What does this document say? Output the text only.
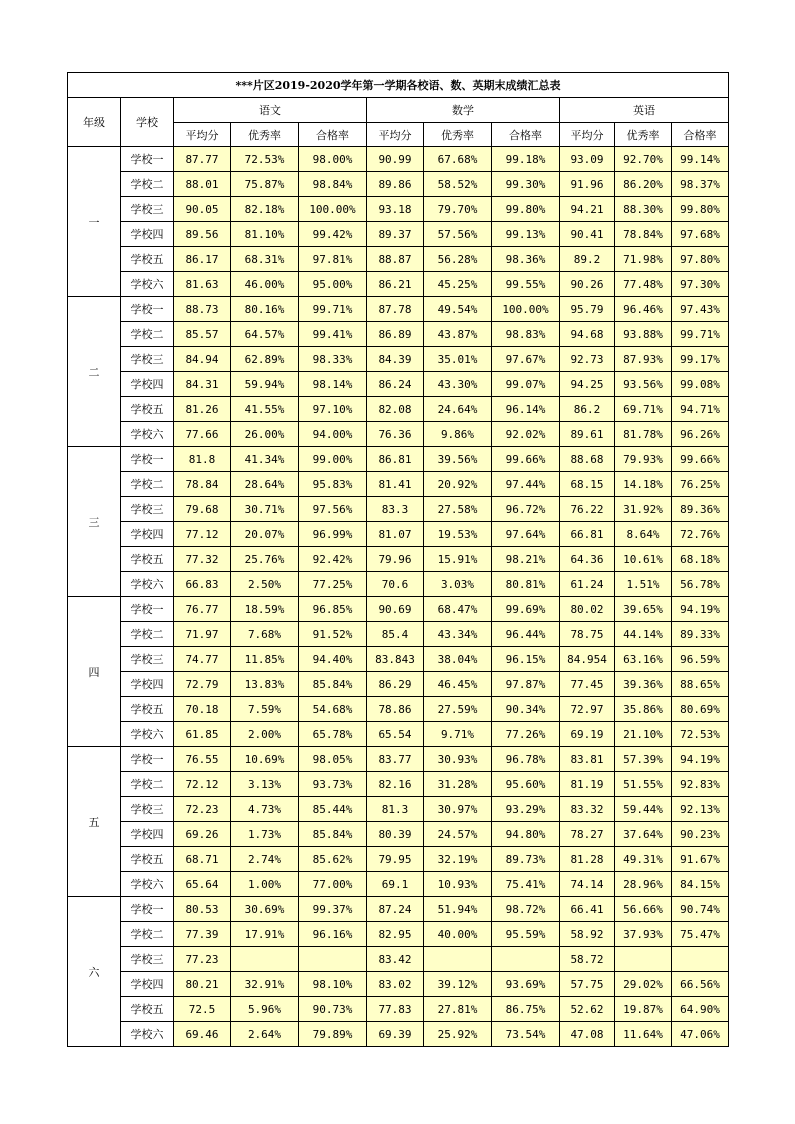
***片区2019-2020学年第一学期各校语、数、英期末成绩汇总表										
年级	学校	语文			数学			英语		
		平均分	优秀率	合格率	平均分	优秀率	合格率	平均分	优秀率	合格率
一	学校一	87.77	72.53%	98.00%	90.99	67.68%	99.18%	93.09	92.70%	99.14%
	学校二	88.01	75.87%	98.84%	89.86	58.52%	99.30%	91.96	86.20%	98.37%
	学校三	90.05	82.18%	100.00%	93.18	79.70%	99.80%	94.21	88.30%	99.80%
	学校四	89.56	81.10%	99.42%	89.37	57.56%	99.13%	90.41	78.84%	97.68%
	学校五	86.17	68.31%	97.81%	88.87	56.28%	98.36%	89.2	71.98%	97.80%
	学校六	81.63	46.00%	95.00%	86.21	45.25%	99.55%	90.26	77.48%	97.30%
二	学校一	88.73	80.16%	99.71%	87.78	49.54%	100.00%	95.79	96.46%	97.43%
	学校二	85.57	64.57%	99.41%	86.89	43.87%	98.83%	94.68	93.88%	99.71%
	学校三	84.94	62.89%	98.33%	84.39	35.01%	97.67%	92.73	87.93%	99.17%
	学校四	84.31	59.94%	98.14%	86.24	43.30%	99.07%	94.25	93.56%	99.08%
	学校五	81.26	41.55%	97.10%	82.08	24.64%	96.14%	86.2	69.71%	94.71%
	学校六	77.66	26.00%	94.00%	76.36	9.86%	92.02%	89.61	81.78%	96.26%
三	学校一	81.8	41.34%	99.00%	86.81	39.56%	99.66%	88.68	79.93%	99.66%
	学校二	78.84	28.64%	95.83%	81.41	20.92%	97.44%	68.15	14.18%	76.25%
	学校三	79.68	30.71%	97.56%	83.3	27.58%	96.72%	76.22	31.92%	89.36%
	学校四	77.12	20.07%	96.99%	81.07	19.53%	97.64%	66.81	8.64%	72.76%
	学校五	77.32	25.76%	92.42%	79.96	15.91%	98.21%	64.36	10.61%	68.18%
	学校六	66.83	2.50%	77.25%	70.6	3.03%	80.81%	61.24	1.51%	56.78%
四	学校一	76.77	18.59%	96.85%	90.69	68.47%	99.69%	80.02	39.65%	94.19%
	学校二	71.97	7.68%	91.52%	85.4	43.34%	96.44%	78.75	44.14%	89.33%
	学校三	74.77	11.85%	94.40%	83.843	38.04%	96.15%	84.954	63.16%	96.59%
	学校四	72.79	13.83%	85.84%	86.29	46.45%	97.87%	77.45	39.36%	88.65%
	学校五	70.18	7.59%	54.68%	78.86	27.59%	90.34%	72.97	35.86%	80.69%
	学校六	61.85	2.00%	65.78%	65.54	9.71%	77.26%	69.19	21.10%	72.53%
五	学校一	76.55	10.69%	98.05%	83.77	30.93%	96.78%	83.81	57.39%	94.19%
	学校二	72.12	3.13%	93.73%	82.16	31.28%	95.60%	81.19	51.55%	92.83%
	学校三	72.23	4.73%	85.44%	81.3	30.97%	93.29%	83.32	59.44%	92.13%
	学校四	69.26	1.73%	85.84%	80.39	24.57%	94.80%	78.27	37.64%	90.23%
	学校五	68.71	2.74%	85.62%	79.95	32.19%	89.73%	81.28	49.31%	91.67%
	学校六	65.64	1.00%	77.00%	69.1	10.93%	75.41%	74.14	28.96%	84.15%
六	学校一	80.53	30.69%	99.37%	87.24	51.94%	98.72%	66.41	56.66%	90.74%
	学校二	77.39	17.91%	96.16%	82.95	40.00%	95.59%	58.92	37.93%	75.47%
	学校三	77.23			83.42			58.72		
	学校四	80.21	32.91%	98.10%	83.02	39.12%	93.69%	57.75	29.02%	66.56%
	学校五	72.5	5.96%	90.73%	77.83	27.81%	86.75%	52.62	19.87%	64.90%
	学校六	69.46	2.64%	79.89%	69.39	25.92%	73.54%	47.08	11.64%	47.06%
